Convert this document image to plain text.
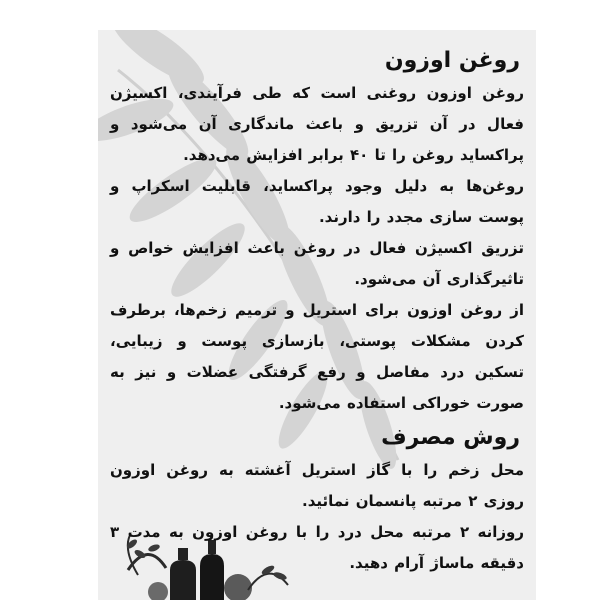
روغن اوزون

روغن اوزون روغنی است که طی فرآیندی، اکسیژن فعال در آن تزریق و باعث ماندگاری آن می‌شود و پراکساید روغن را تا ۴۰ برابر افزایش می‌دهد.

روغن‌ها به دلیل وجود پراکساید، قابلیت اسکراپ و پوست سازی مجدد را دارند.

تزریق اکسیژن فعال در روغن باعث افزایش خواص و تاثیرگذاری آن می‌شود.

از روغن اوزون برای استریل و ترمیم زخم‌ها، برطرف کردن مشکلات پوستی، بازسازی پوست و زیبایی، تسکین درد مفاصل و رفع گرفتگی عضلات و نیز به صورت خوراکی استفاده می‌شود.

روش مصرف

محل زخم را با گاز استریل آغشته به روغن اوزون روزی ۲ مرتبه پانسمان نمائید.

روزانه ۲ مرتبه محل درد را با روغن اوزون به مدت ۳ دقیقه ماساژ آرام دهید.
